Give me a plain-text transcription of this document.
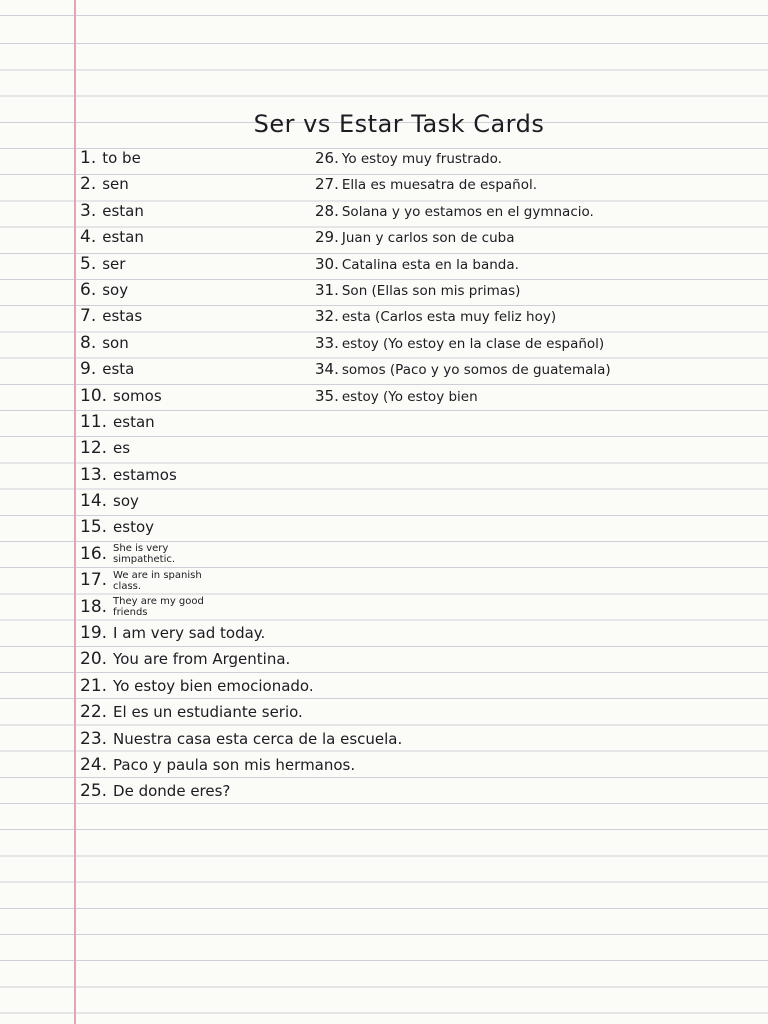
Ser vs Estar Task Cards
1. to be
2. sen
3. estan
4. estan
5. ser
6. soy
7. estas
8. son
9. esta
10. somos
11. estan
12. es
13. estamos
14. soy
15. estoy
16. She is very simpathetic.
17. We are in spanish class.
18. They are my good friends
19. I am very sad today.
20. You are from Argentina.
21. Yo estoy bien emocionado.
22. El es un estudiante serio.
23. Nuestra casa esta cerca de la escuela.
24. Paco y paula son mis hermanos.
25. De donde eres?
26. Yo estoy muy frustrado.
27. Ella es muesatra de español.
28. Solana y yo estamos en el gymnacio.
29. Juan y carlos son de cuba
30. Catalina esta en la banda.
31. Son (Ellas son mis primas)
32. esta (Carlos esta muy feliz hoy)
33. estoy (Yo estoy en la clase de español)
34. somos (Paco y yo somos de guatemala)
35. estoy (Yo estoy bien
